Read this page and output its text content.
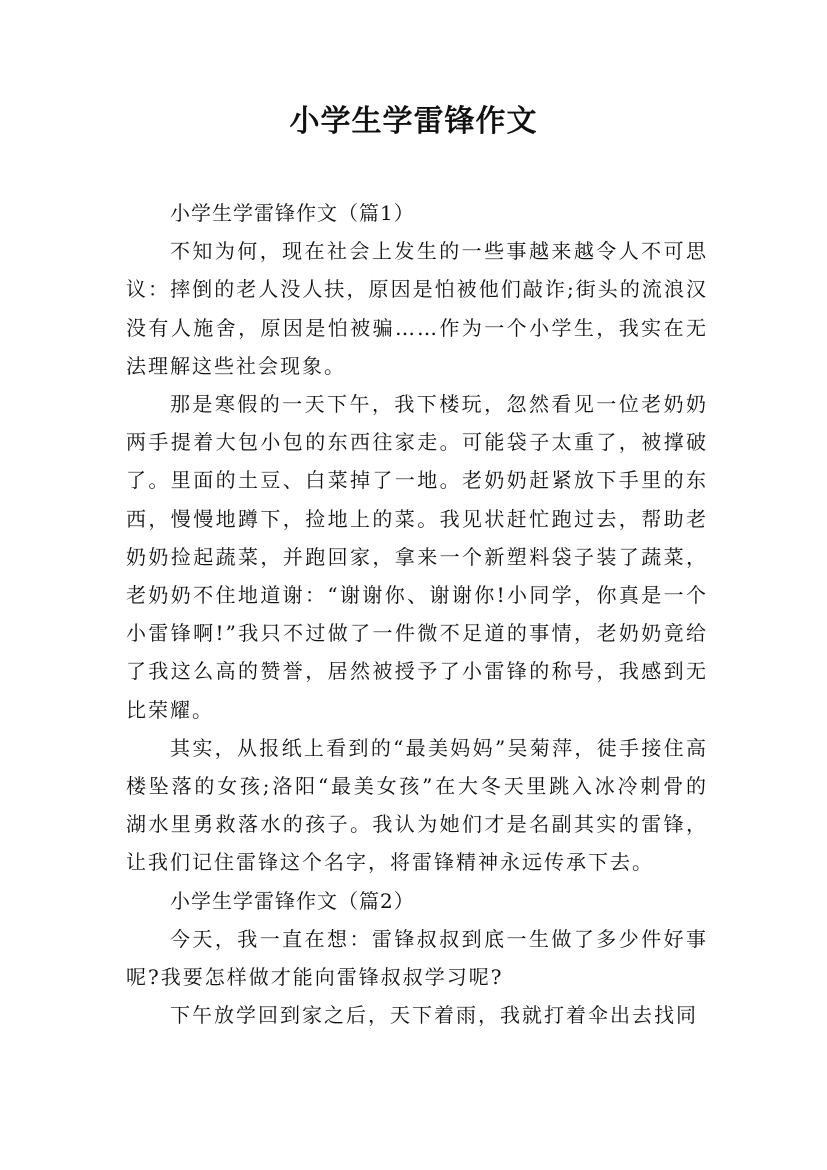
小学生学雷锋作文

小学生学雷锋作文（篇1）

不知为何，现在社会上发生的一些事越来越令人不可思议：摔倒的老人没人扶，原因是怕被他们敲诈;街头的流浪汉没有人施舍，原因是怕被骗……作为一个小学生，我实在无法理解这些社会现象。

那是寒假的一天下午，我下楼玩，忽然看见一位老奶奶两手提着大包小包的东西往家走。可能袋子太重了，被撑破了。里面的土豆、白菜掉了一地。老奶奶赶紧放下手里的东西，慢慢地蹲下，捡地上的菜。我见状赶忙跑过去，帮助老奶奶捡起蔬菜，并跑回家，拿来一个新塑料袋子装了蔬菜，老奶奶不住地道谢：“谢谢你、谢谢你!小同学，你真是一个小雷锋啊!”我只不过做了一件微不足道的事情，老奶奶竟给了我这么高的赞誉，居然被授予了小雷锋的称号，我感到无比荣耀。

其实，从报纸上看到的“最美妈妈”吴菊萍，徒手接住高楼坠落的女孩;洛阳“最美女孩”在大冬天里跳入冰冷刺骨的湖水里勇救落水的孩子。我认为她们才是名副其实的雷锋，让我们记住雷锋这个名字，将雷锋精神永远传承下去。

小学生学雷锋作文（篇2）

今天，我一直在想：雷锋叔叔到底一生做了多少件好事呢?我要怎样做才能向雷锋叔叔学习呢?

下午放学回到家之后，天下着雨，我就打着伞出去找同
